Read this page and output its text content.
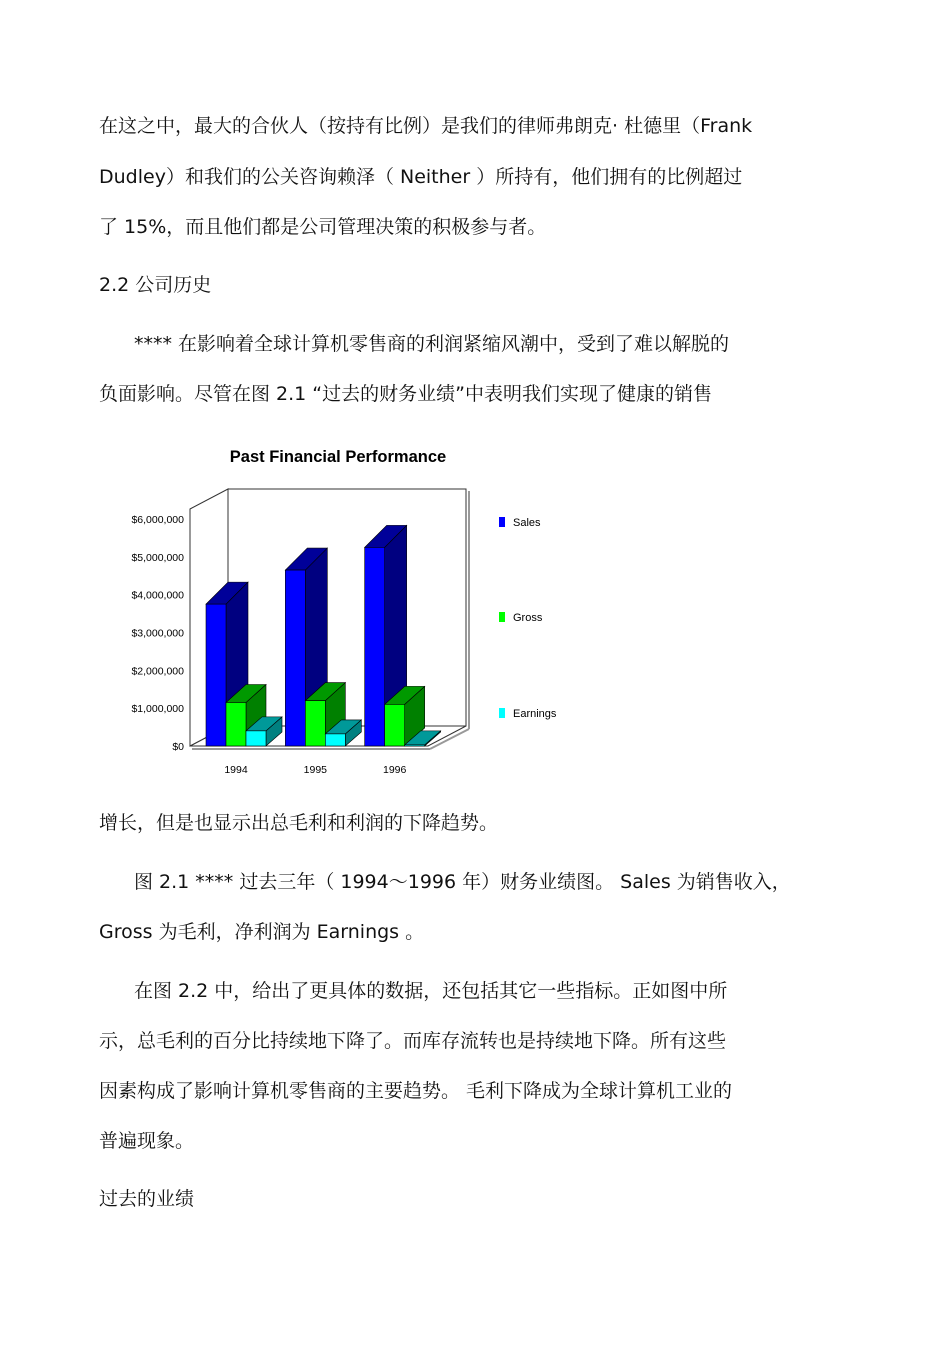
在这之中，最大的合伙人（按持有比例）是我们的律师弗朗克· 杜德里（Frank
Dudley）和我们的公关咨询赖泽（ Neither ）所持有，他们拥有的比例超过
了 15%，而且他们都是公司管理决策的积极参与者。
2.2 公司历史
**** 在影响着全球计算机零售商的利润紧缩风潮中，受到了难以解脱的
负面影响。尽管在图 2.1 “过去的财务业绩”中表明我们实现了健康的销售
Past Financial Performance
$6,000,000
$5,000,000
$4,000,000
$3,000,000
$2,000,000
$1,000,000
$0
1994	1995	1996
Sales
Gross
Earnings
增长，但是也显示出总毛利和利润的下降趋势。
图 2.1 **** 过去三年（ 1994～1996 年）财务业绩图。 Sales 为销售收入，
Gross 为毛利，净利润为 Earnings 。
在图 2.2 中，给出了更具体的数据，还包括其它一些指标。正如图中所
示，总毛利的百分比持续地下降了。而库存流转也是持续地下降。所有这些
因素构成了影响计算机零售商的主要趋势。 毛利下降成为全球计算机工业的
普遍现象。
过去的业绩
